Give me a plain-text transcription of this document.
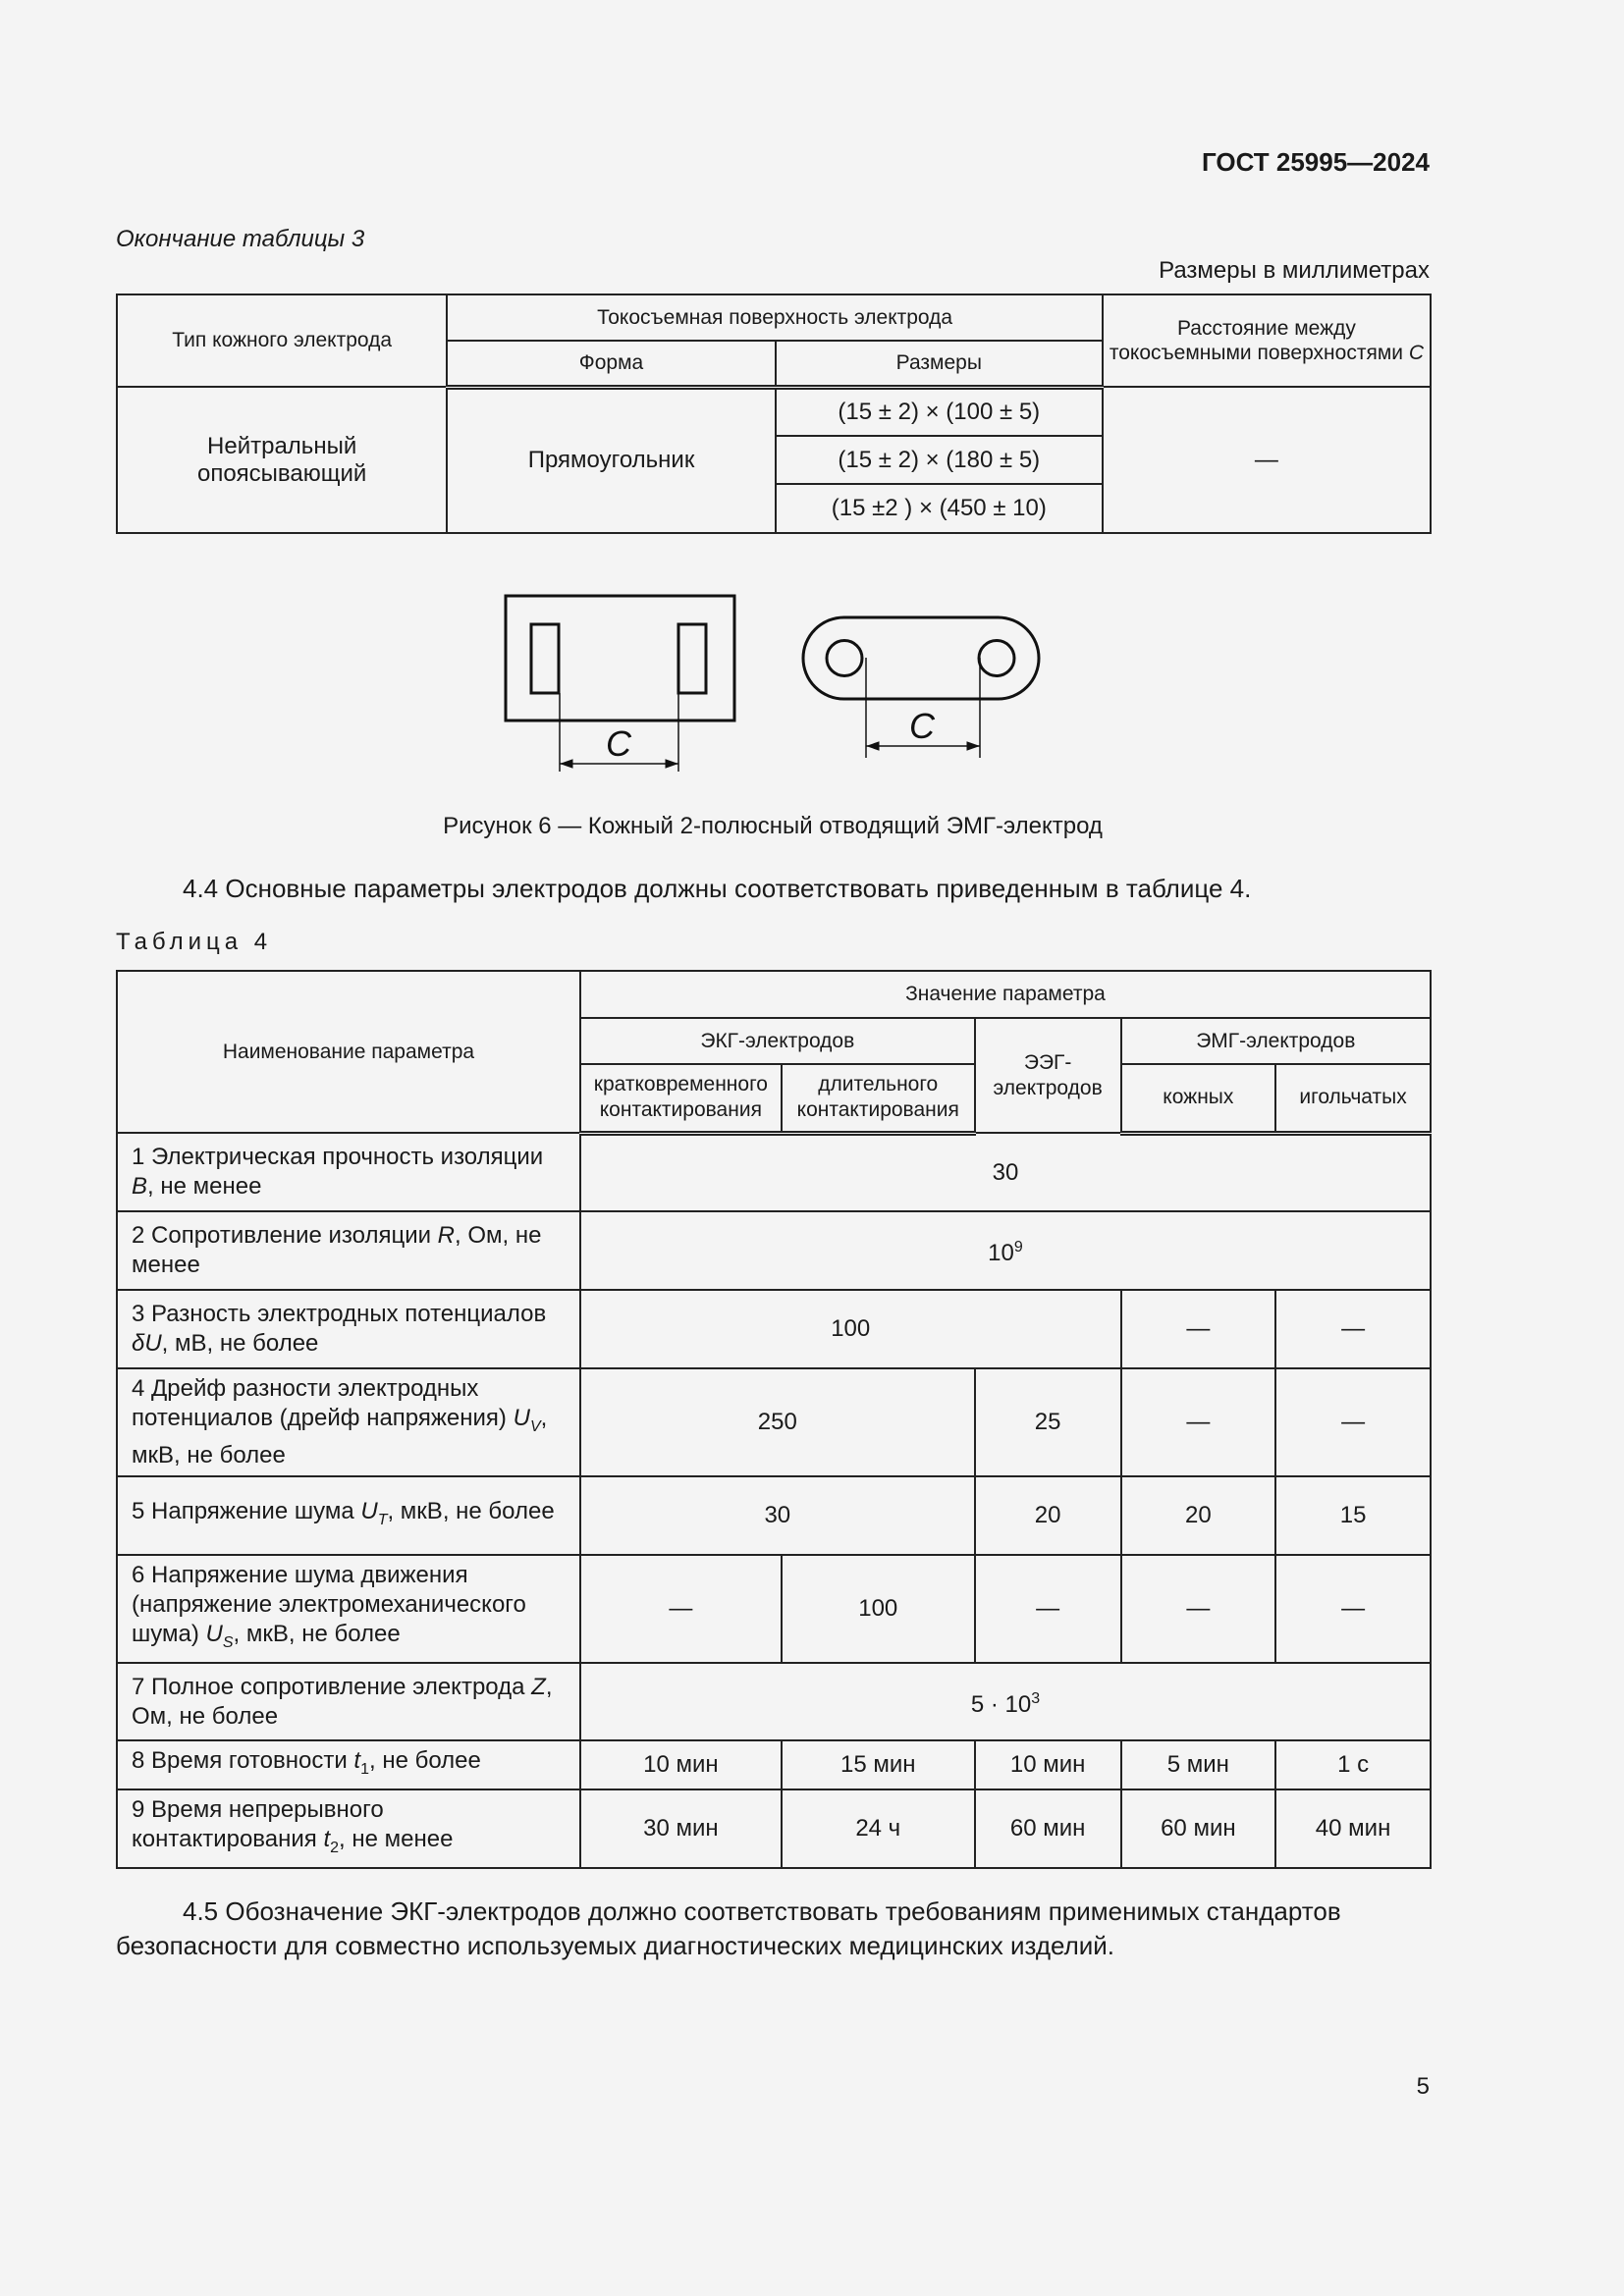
ГОСТ 25995—2024
Окончание таблицы 3
Размеры в миллиметрах
Тип кожного электрода	Токосъемная поверхность электрода		Расстояние между токосъемными поверхностями C
	Форма	Размеры	
Нейтральный опоясывающий	Прямоугольник	(15 ± 2) × (100 ± 5)	—
		(15 ± 2) × (180 ± 5)	
		(15 ±2 ) × (450 ± 10)	
C	C
Рисунок 6 — Кожный 2-полюсный отводящий ЭМГ-электрод
4.4 Основные параметры электродов должны соответствовать приведенным в таблице 4.
Таблица 4
Наименование параметра	Значение параметра				
	ЭКГ-электродов		ЭЭГ-электродов	ЭМГ-электродов	
	кратковременного контактирования	длительного контактирования		кожных	игольчатых
1 Электрическая прочность изоляции B, не менее	30				
2 Сопротивление изоляции R, Ом, не менее	$10^9$
3 Разность электродных потенциалов δU, мВ, не более	100			—	—
4 Дрейф разности электродных потенциалов (дрейф напряжения) $U_V$, мкВ, не более	250		25	—	—
5 Напряжение шума $U_T$, мкВ, не более	30		20	20	15
6 Напряжение шума движения (напряжение электромеханического шума) $U_S$, мкВ, не более	—	100	—	—	—
7 Полное сопротивление электрода Z, Ом, не более	$5 \cdot 10^3$
8 Время готовности $t_1$, не более	10 мин	15 мин	10 мин	5 мин	1 с
9 Время непрерывного контактирования $t_2$, не менее	30 мин	24 ч	60 мин	60 мин	40 мин
4.5 Обозначение ЭКГ-электродов должно соответствовать требованиям применимых стандартов безопасности для совместно используемых диагностических медицинских изделий.
5
